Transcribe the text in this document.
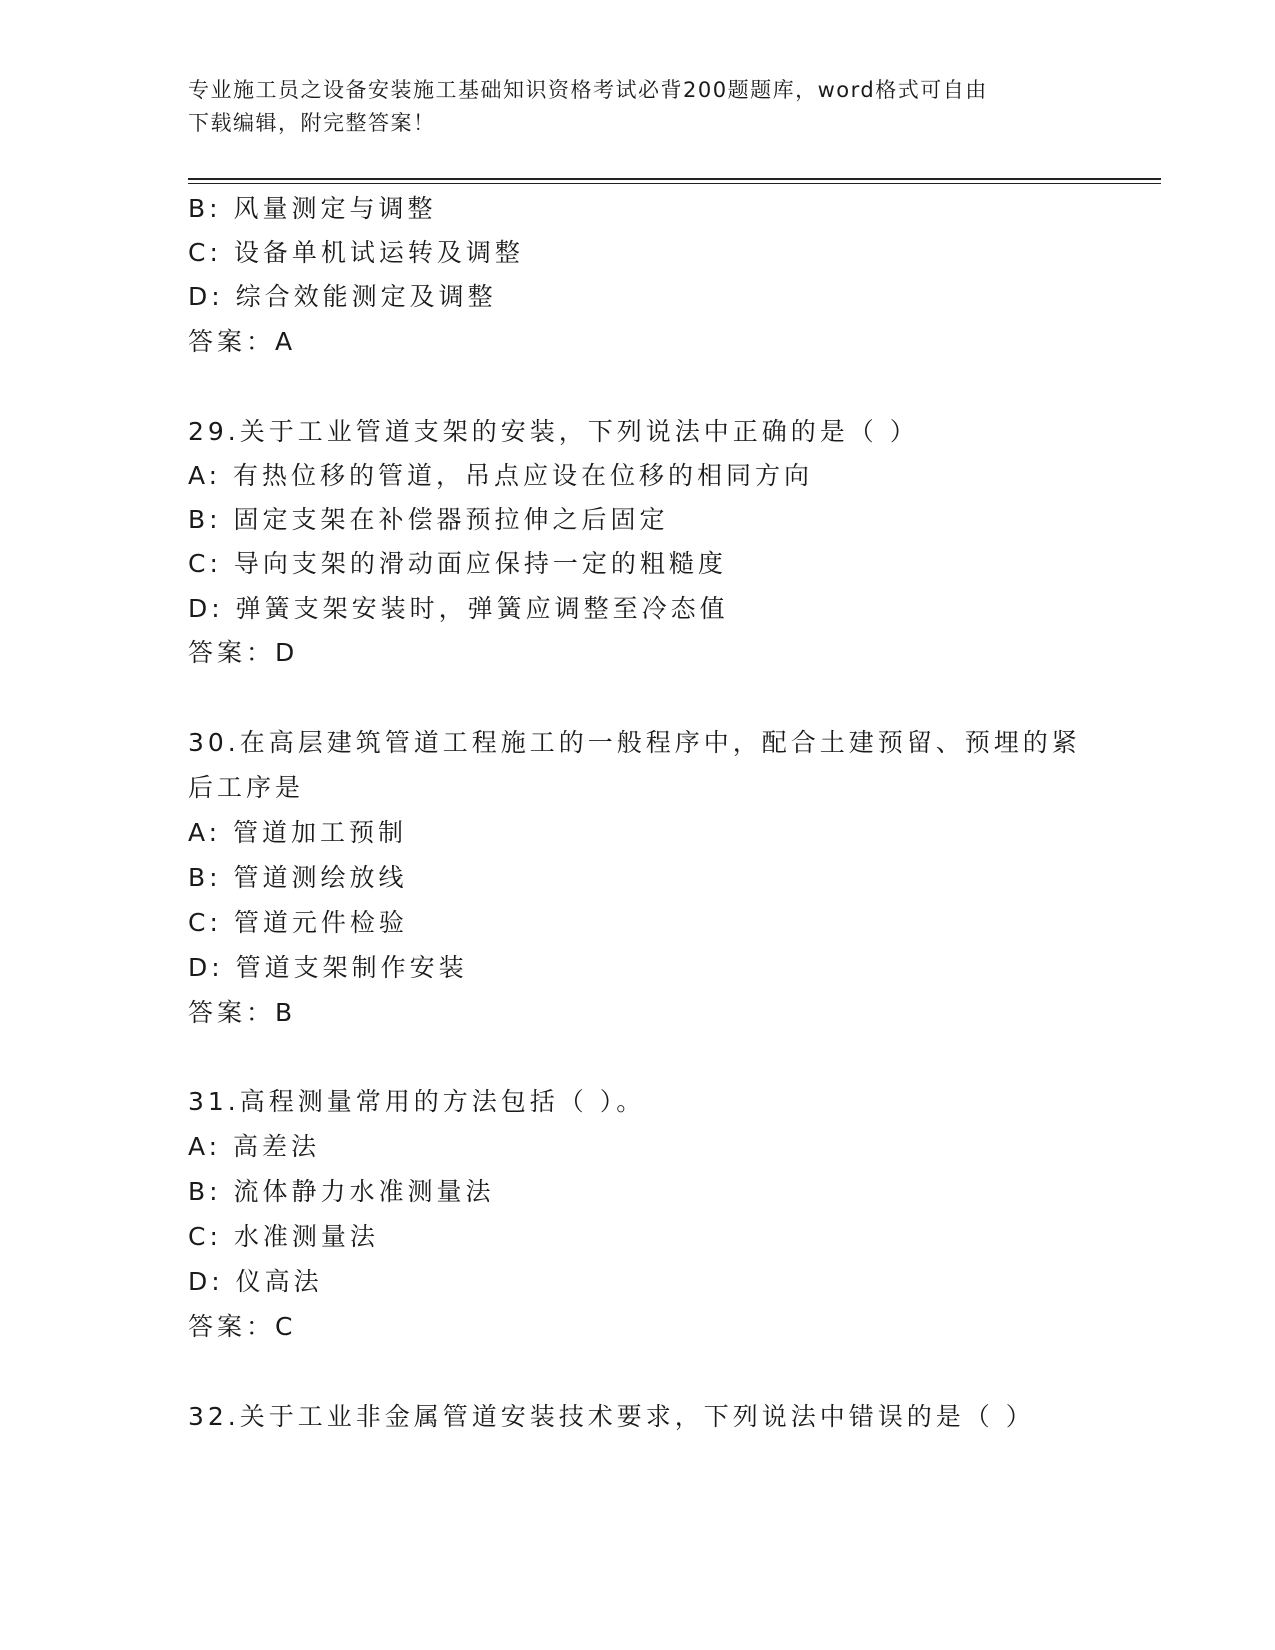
专业施工员之设备安装施工基础知识资格考试必背200题题库，word格式可自由
下载编辑，附完整答案！
B: 风量测定与调整
C: 设备单机试运转及调整
D: 综合效能测定及调整
答案：A
29.关于工业管道支架的安装，下列说法中正确的是（ ）
A: 有热位移的管道，吊点应设在位移的相同方向
B: 固定支架在补偿器预拉伸之后固定
C: 导向支架的滑动面应保持一定的粗糙度
D: 弹簧支架安装时，弹簧应调整至冷态值
答案：D
30.在高层建筑管道工程施工的一般程序中，配合土建预留、预埋的紧
后工序是
A: 管道加工预制
B: 管道测绘放线
C: 管道元件检验
D: 管道支架制作安装
答案：B
31.高程测量常用的方法包括（ ）。
A: 高差法
B: 流体静力水准测量法
C: 水准测量法
D: 仪高法
答案：C
32.关于工业非金属管道安装技术要求，下列说法中错误的是（ ）
